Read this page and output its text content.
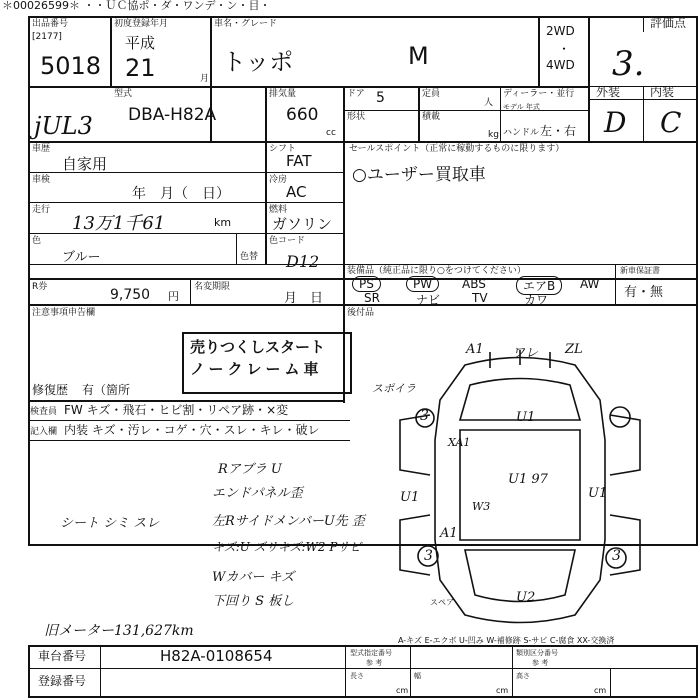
＊00026599＊ ・・ＵＣ協ポ・ダ・ワンデ・ン・目・
出品番号
[2177]
5018
初度登録年月
平成
21	月
車名・グレード
トッポ	M
2WD
・
4WD
評価点
3.
型式
DBA-H82A
排気量
660
cc
ドア 5	定員
人
ディーラー・並行
モデル 年式
外装 内装
D C
形状	積載
kg ハンドル 左・右
jUL3
車歴
自家用
シフト
FAT
セールスポイント（正常に稼動するものに限ります）
○ユーザー買取車
車検
年　月（　日）
冷房
AC
走行
13万1千61	km
燃料
ガソリン
色
ブルー	色替
色コード
D12	装備品（純正品に限り○をつけてください）
PS	PW	ABS	エアB	AW
SR	ナビ	TV	カワ
新車保証書
有・無
R券	9,750 円
名変期限
月　日
注意事項申告欄	後付品
売りつくしスタート
ノークレーム車
修復歴 有（箇所
検査員 FW キズ・飛石・ヒビ割・リペア跡・×変
記入欄 内装 キズ・汚レ・コゲ・穴・スレ・キレ・破レ
Rアブラ U
エンドパネル歪
シート シミ スレ	左RサイドメンバーU先 歪
キズ:U ズリキズ:W2 Pサビ
Wカバー キズ
下回り S 板し
旧メーター131,627km
A1 ワレ ZL
スポイラ
3	U1
XA1
U1 97
U1
W3
U1
A1
3	3
U2
スペア
A-キズ E-エクボ U-凹み W-補修跡 S-サビ C-腐食 XX-交換済
車台番号	H82A-0108654
登録番号
型式指定番号
参 考
類別区分番号
参 考
長さ
cm
幅
cm
高さ
cm
